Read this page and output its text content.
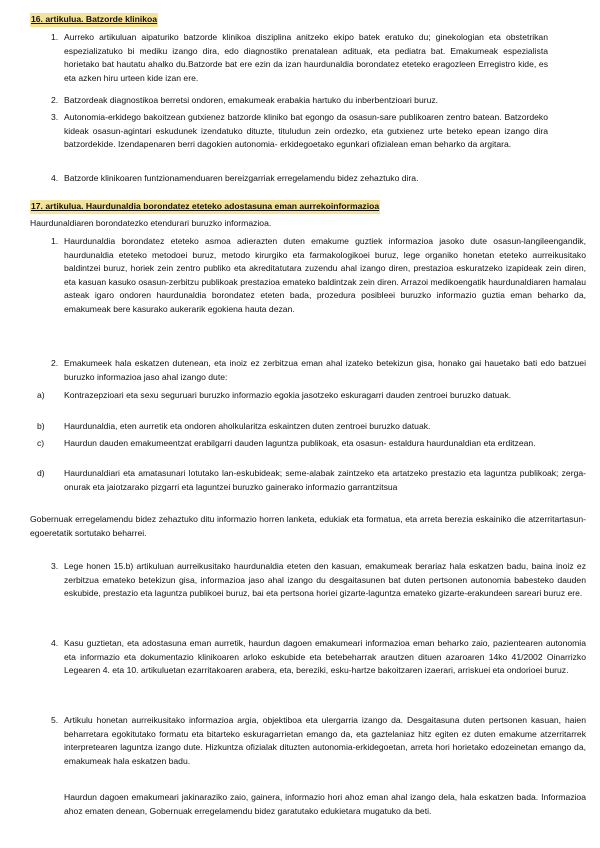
16. artikulua. Batzorde klinikoa
1. Aurreko artikuluan aipaturiko batzorde klinikoa disziplina anitzeko ekipo batek eratuko du; ginekologian eta obstetrikan espezializatuko bi mediku izango dira, edo diagnostiko prenatalean adituak, eta pediatra bat. Emakumeak espezialista horietako bat hautatu ahalko du.Batzorde bat ere ezin da izan haurdunaldia borondatez eteteko eragozleen Erregistro kide, es eta azken hiru urteen kide izan ere.
2. Batzordeak diagnostikoa berretsi ondoren, emakumeak erabakia hartuko du inberbentzioari buruz.
3. Autonomia-erkidego bakoitzean gutxienez batzorde kliniko bat egongo da osasun-sare publikoaren zentro batean. Batzordeko kideak osasun-agintari eskudunek izendatuko dituzte, tituludun zein ordezko, eta gutxienez urte beteko epean izango dira batzordekide. Izendapenaren berri dagokien autonomia- erkidegoetako egunkari ofizialean eman beharko da argitara.
4. Batzorde klinikoaren funtzionamenduaren bereizgarriak erregelamendu bidez zehaztuko dira.
17. artikulua. Haurdunaldia borondatez eteteko adostasuna eman aurrekoinformazioa
Haurdunaldiaren borondatezko etendurari buruzko informazioa.
1. Haurdunaldia borondatez eteteko asmoa adierazten duten emakume guztiek informazioa jasoko dute osasun-langileengandik, haurdunaldia eteteko metodoei buruz, metodo kirurgiko eta farmakologikoei buruz, lege organiko honetan eteteko aurreikusitako baldintzei buruz, horiek zein zentro publiko eta akreditatutara zuzendu ahal izango diren, prestazioa eskuratzeko izapideak zein diren, eta kasuan kasuko osasun-zerbitzu publikoak prestazioa emateko baldintzak zein diren. Arrazoi medikoengatik haurdunaldiaren hamalau asteak igaro ondoren haurdunaldia borondatez eteten bada, prozedura posibleei buruzko informazio guztia eman beharko da, emakumeak bere kasurako aukerarik egokiena hauta dezan.
2. Emakumeek hala eskatzen dutenean, eta inoiz ez zerbitzua eman ahal izateko betekizun gisa, honako gai hauetako bati edo batzuei buruzko informazioa jaso ahal izango dute:
a) Kontrazepzioari eta sexu seguruari buruzko informazio egokia jasotzeko eskuragarri dauden zentroei buruzko datuak.
b) Haurdunaldia, eten aurretik eta ondoren aholkularitza eskaintzen duten zentroei buruzko datuak.
c) Haurdun dauden emakumeentzat erabilgarri dauden laguntza publikoak, eta osasun- estaldura haurdunaldian eta erditzean.
d) Haurdunaldiari eta amatasunari lotutako lan-eskubideak; seme-alabak zaintzeko eta artatzeko prestazio eta laguntza publikoak; zerga-onurak eta jaiotzarako pizgarri eta laguntzei buruzko gainerako informazio garrantzitsua
Gobernuak erregelamendu bidez zehaztuko ditu informazio horren lanketa, edukiak eta formatua, eta arreta berezia eskainiko die atzerritartasun-egoeretatik sortutako beharrei.
3. Lege honen 15.b) artikuluan aurreikusitako haurdunaldia eteten den kasuan, emakumeak berariaz hala eskatzen badu, baina inoiz ez zerbitzua emateko betekizun gisa, informazioa jaso ahal izango du desgaitasunen bat duten pertsonen autonomia babesteko dauden eskubide, prestazio eta laguntza publikoei buruz, bai eta pertsona horiei gizarte-laguntza emateko gizarte-erakundeen sareari buruz ere.
4. Kasu guztietan, eta adostasuna eman aurretik, haurdun dagoen emakumeari informazioa eman beharko zaio, pazientearen autonomia eta informazio eta dokumentazio klinikoaren arloko eskubide eta betebeharrak arautzen dituen azaroaren 14ko 41/2002 Oinarrizko Legearen 4. eta 10. artikuluetan ezarritakoaren arabera, eta, bereziki, esku-hartze bakoitzaren izaerari, arriskuei eta ondorioei buruz.
5. Artikulu honetan aurreikusitako informazioa argia, objektiboa eta ulergarria izango da. Desgaitasuna duten pertsonen kasuan, haien beharretara egokitutako formatu eta bitarteko eskuragarrietan emango da, eta gaztelaniaz hitz egiten ez duten emakume atzerritarrek interpretearen laguntza izango dute. Hizkuntza ofizialak dituzten autonomia-erkidegoetan, arreta hori horietako edozeinetan emango da, emakumeak hala eskatzen badu.
Haurdun dagoen emakumeari jakinaraziko zaio, gainera, informazio hori ahoz eman ahal izango dela, hala eskatzen bada. Informazioa ahoz ematen denean, Gobernuak erregelamendu bidez garatutako edukietara mugatuko da beti.
